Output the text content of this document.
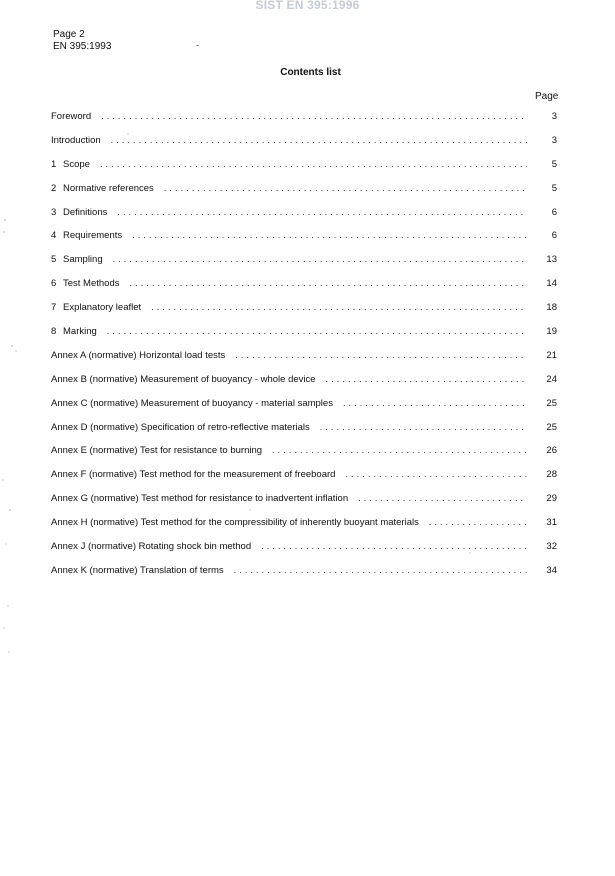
SIST EN 395:1996
Page 2
EN 395:1993	-
Contents list
Page
Foreword .....	3
Introduction .....	3
1 Scope .....	5
2 Normative references .....	5
3 Definitions .....	6
4 Requirements .....	6
5 Sampling .....	13
6 Test Methods .....	14
7 Explanatory leaflet .....	18
8 Marking .....	19
Annex A (normative) Horizontal load tests .....	21
Annex B (normative) Measurement of buoyancy - whole device .....	24
Annex C (normative) Measurement of buoyancy - material samples .....	25
Annex D (normative) Specification of retro-reflective materials .....	25
Annex E (normative) Test for resistance to burning .....	26
Annex F (normative) Test method for the measurement of freeboard .....	28
Annex G (normative) Test method for resistance to inadvertent inflation .....	29
Annex H (normative) Test method for the compressibility of inherently buoyant materials .....	31
Annex J (normative) Rotating shock bin method .....	32
Annex K (normative) Translation of terms .....	34
